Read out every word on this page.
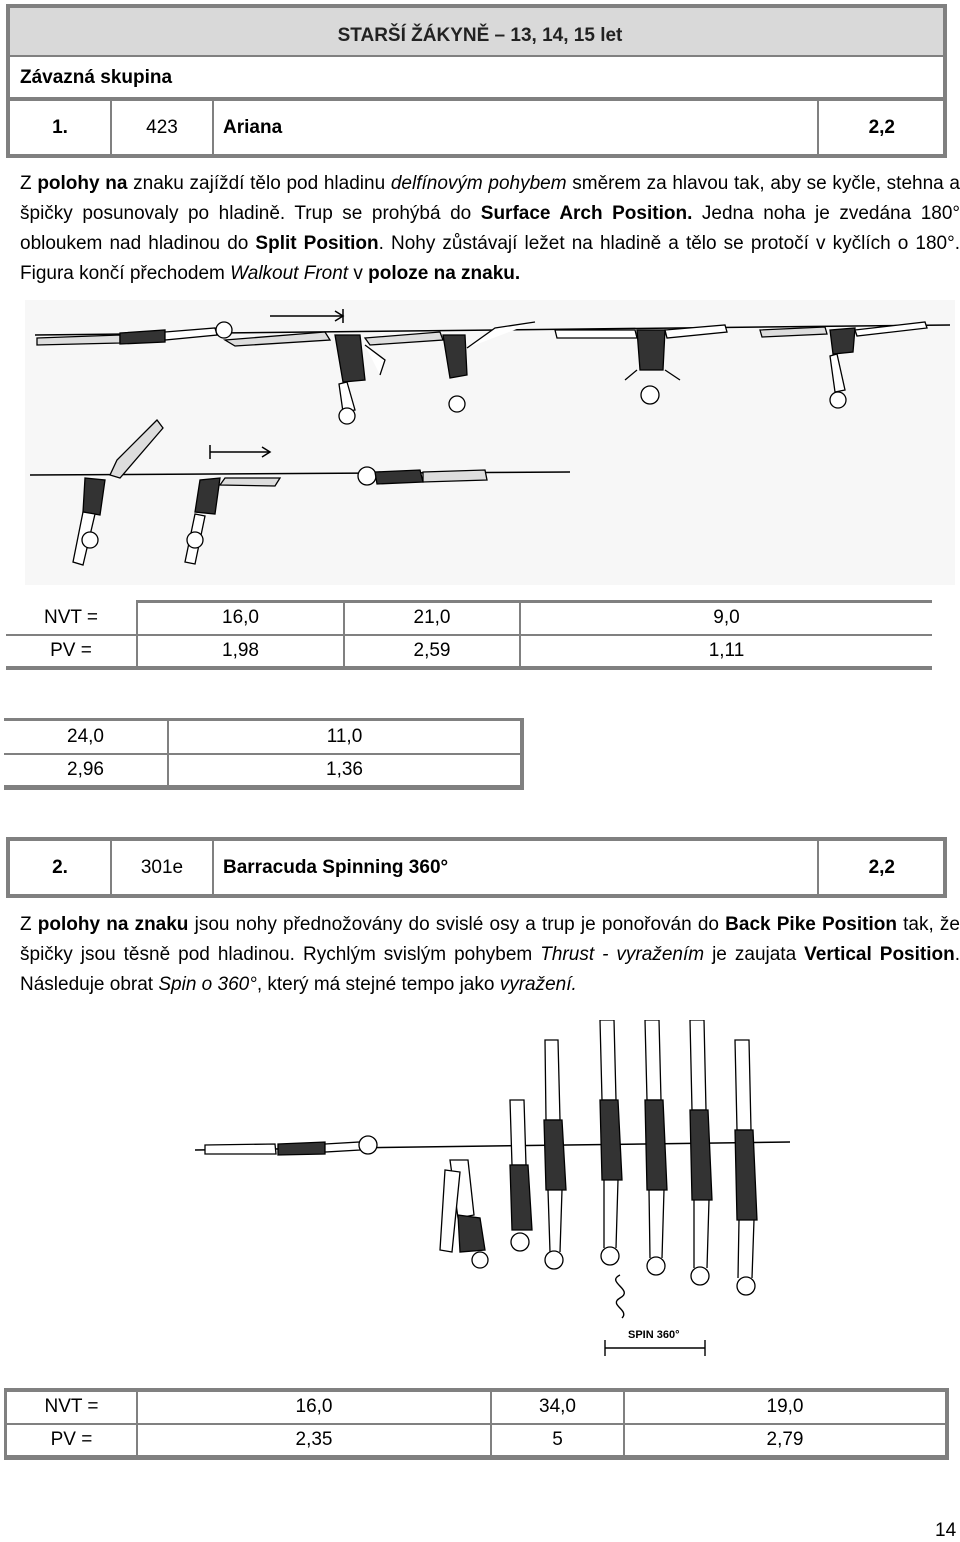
STARŠÍ ŽÁKYNĚ – 13, 14, 15 let
Závazná skupina
1.	423	Ariana	2,2

Z polohy na znaku zajíždí tělo pod hladinu delfínovým pohybem směrem za hlavou tak, aby se kyčle, stehna a špičky posunovaly po hladině. Trup se prohýbá do Surface Arch Position. Jedna noha je zvedána 180° obloukem nad hladinou do Split Position. Nohy zůstávají ležet na hladině a tělo se protočí v kyčlích o 180°. Figura končí přechodem Walkout Front v poloze na znaku.

NVT =	16,0	21,0	9,0
PV =	1,98	2,59	1,11
24,0	11,0
2,96	1,36
2.	301e	Barracuda Spinning 360°	2,2

Z polohy na znaku jsou nohy přednožovány do svislé osy a trup je ponořován do Back Pike Position tak, že špičky jsou těsně pod hladinou. Rychlým svislým pohybem Thrust - vyražením je zaujata Vertical Position. Následuje obrat Spin o 360°, který má stejné tempo jako vyražení.

SPIN 360°
NVT =	16,0	34,0	19,0
PV =	2,35	5	2,79
14
